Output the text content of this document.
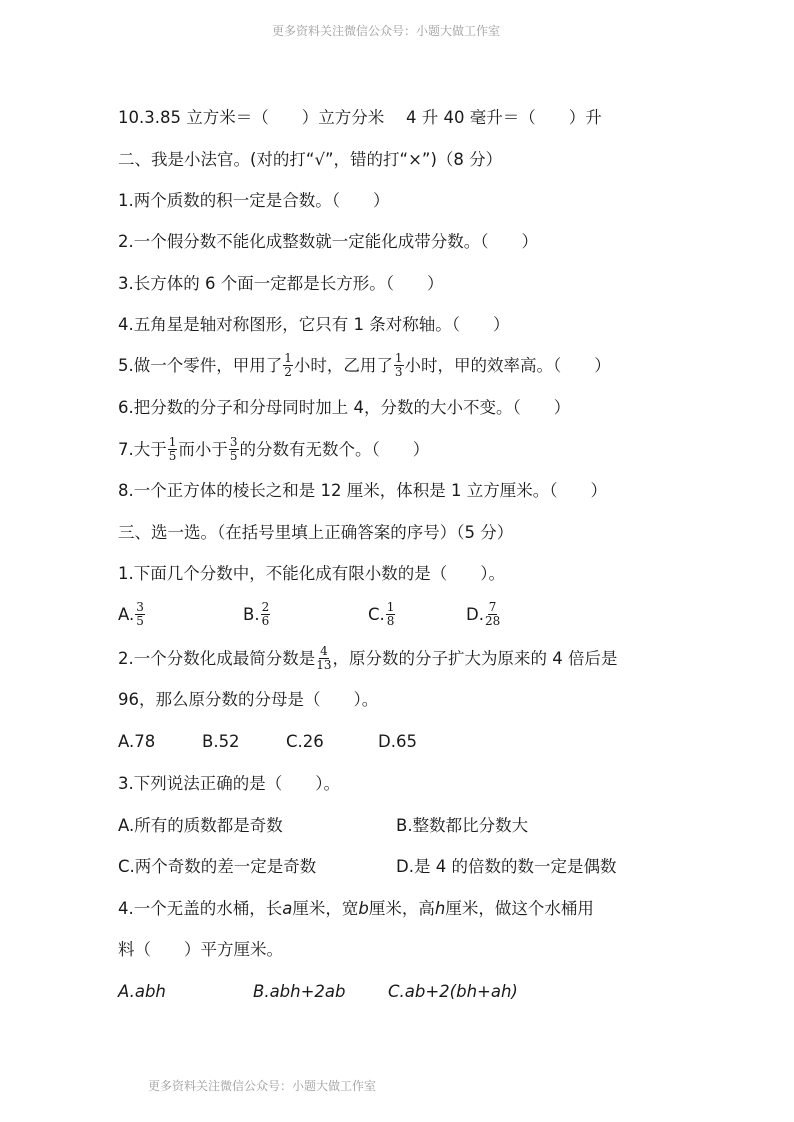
更多资料关注微信公众号：小题大做工作室
10.3.85 立方米＝（　　）立方分米　 4 升 40 毫升＝（　　）升
二、我是小法官。(对的打“√”，错的打“×”)（8 分）
1.两个质数的积一定是合数。（　　）
2.一个假分数不能化成整数就一定能化成带分数。（　　）
3.长方体的 6 个面一定都是长方形。（　　）
4.五角星是轴对称图形，它只有 1 条对称轴。（　　）
5.做一个零件，甲用了 $\frac{1}{2}$ 小时，乙用了 $\frac{1}{3}$ 小时，甲的效率高。（　　）
6.把分数的分子和分母同时加上 4，分数的大小不变。（　　）
7.大于 $\frac{1}{5}$ 而小于 $\frac{3}{5}$ 的分数有无数个。（　　）
8.一个正方体的棱长之和是 12 厘米，体积是 1 立方厘米。（　　）
三、选一选。（在括号里填上正确答案的序号）（5 分）
1.下面几个分数中，不能化成有限小数的是（　　）。
A. $\frac{3}{5}$	B. $\frac{2}{6}$	C. $\frac{1}{8}$	D. $\frac{7}{28}$
2.一个分数化成最简分数是 $\frac{4}{13}$ ，原分数的分子扩大为原来的 4 倍后是
96，那么原分数的分母是（　　）。
A.78	B.52	C.26	D.65
3.下列说法正确的是（　　）。
A.所有的质数都是奇数	B.整数都比分数大
C.两个奇数的差一定是奇数	D.是 4 的倍数的数一定是偶数
4.一个无盖的水桶，长 a 厘米，宽 b 厘米，高 h 厘米，做这个水桶用
料（　　）平方厘米。
A.abh	B.abh+2ab	C.ab+2(bh+ah)
更多资料关注微信公众号：小题大做工作室
